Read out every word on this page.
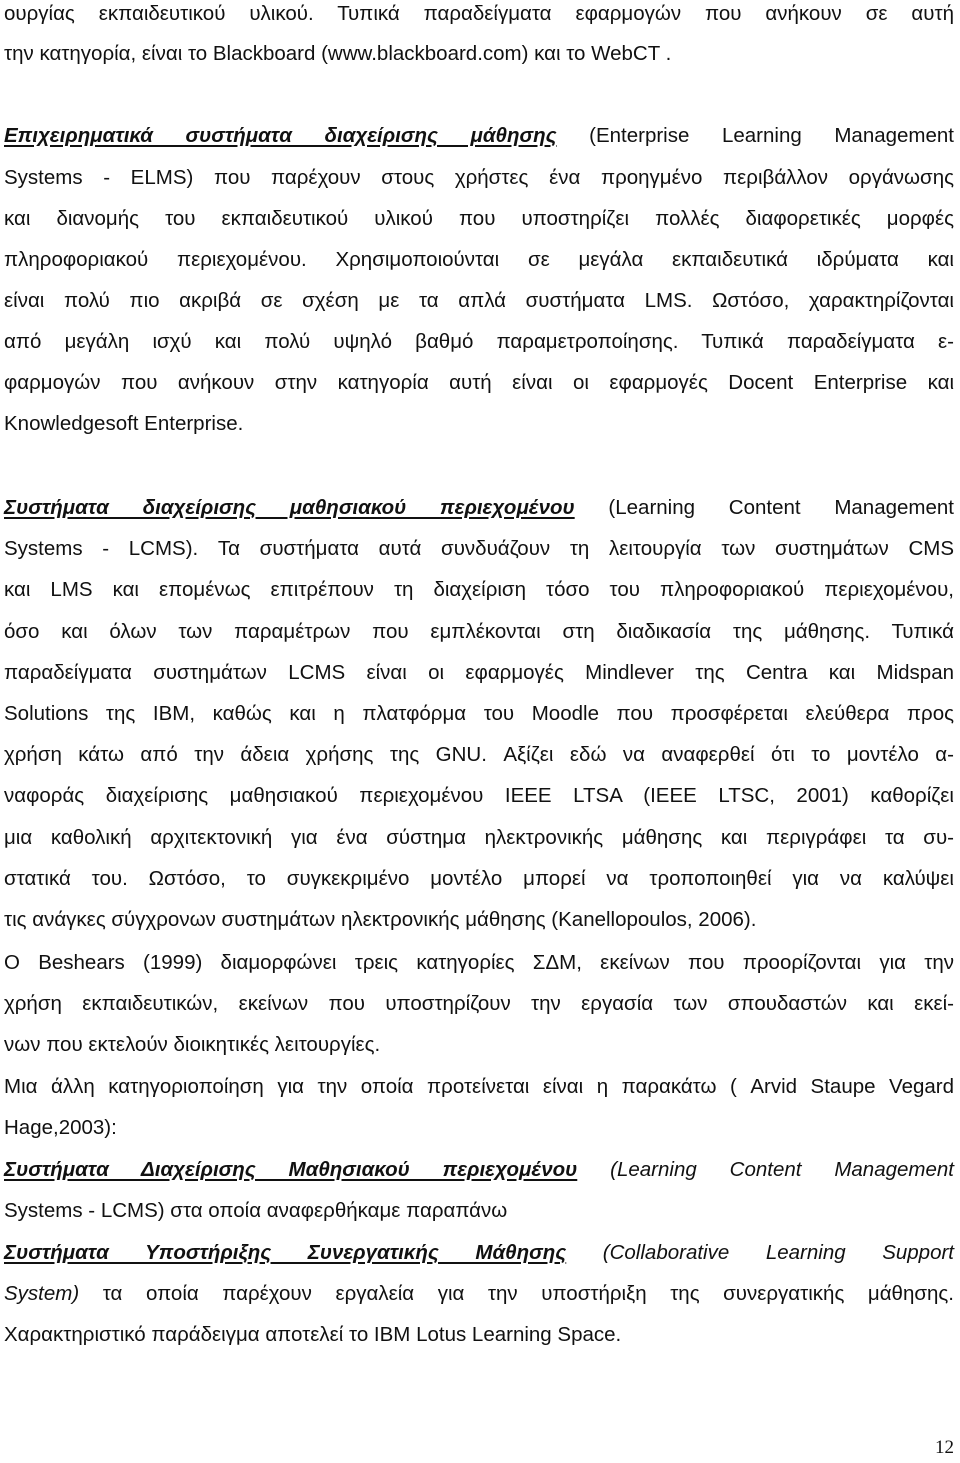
ουργίας εκπαιδευτικού υλικού. Τυπικά παραδείγματα εφαρμογών που ανήκουν σε αυτή
την κατηγορία, είναι το Blackboard (www.blackboard.com) και το WebCT .
Επιχειρηματικά συστήματα διαχείρισης μάθησης (Enterprise Learning Management
Systems - ELMS) που παρέχουν στους χρήστες ένα προηγμένο περιβάλλον οργάνωσης
και διανομής του εκπαιδευτικού υλικού που υποστηρίζει πολλές διαφορετικές μορφές
πληροφοριακού περιεχομένου. Χρησιμοποιούνται σε μεγάλα εκπαιδευτικά ιδρύματα και
είναι πολύ πιο ακριβά σε σχέση με τα απλά συστήματα LMS. Ωστόσο, χαρακτηρίζονται
από μεγάλη ισχύ και πολύ υψηλό βαθμό παραμετροποίησης. Τυπικά παραδείγματα ε-
φαρμογών που ανήκουν στην κατηγορία αυτή είναι οι εφαρμογές Docent Enterprise και
Knowledgesoft Enterprise.
Συστήματα διαχείρισης μαθησιακού περιεχομένου (Learning Content Management
Systems - LCMS). Τα συστήματα αυτά συνδυάζουν τη λειτουργία των συστημάτων CMS
και LMS και επομένως επιτρέπουν τη διαχείριση τόσο του πληροφοριακού περιεχομένου,
όσο και όλων των παραμέτρων που εμπλέκονται στη διαδικασία της μάθησης. Τυπικά
παραδείγματα συστημάτων LCMS είναι οι εφαρμογές Mindlever της Centra και Midspan
Solutions της IBM, καθώς και η πλατφόρμα του Moodle που προσφέρεται ελεύθερα προς
χρήση κάτω από την άδεια χρήσης της GNU. Αξίζει εδώ να αναφερθεί ότι το μοντέλο α-
ναφοράς διαχείρισης μαθησιακού περιεχομένου IEEE LTSA (IEEE LTSC, 2001) καθορίζει
μια καθολική αρχιτεκτονική για ένα σύστημα ηλεκτρονικής μάθησης και περιγράφει τα συ-
στατικά του. Ωστόσο, το συγκεκριμένο μοντέλο μπορεί να τροποποιηθεί για να καλύψει
τις ανάγκες σύγχρονων συστημάτων ηλεκτρονικής μάθησης (Kanellopoulos, 2006).
Ο Beshears (1999) διαμορφώνει τρεις κατηγορίες ΣΔΜ, εκείνων που προορίζονται για την
χρήση εκπαιδευτικών, εκείνων που υποστηρίζουν την εργασία των σπουδαστών και εκεί-
νων που εκτελούν διοικητικές λειτουργίες.
Μια άλλη κατηγοριοποίηση για την οποία προτείνεται είναι η παρακάτω ( Arvid Staupe Vegard
Hage,2003):
Συστήματα Διαχείρισης Μαθησιακού περιεχομένου (Learning Content Management
Systems - LCMS) στα οποία αναφερθήκαμε παραπάνω
Συστήματα Υποστήριξης Συνεργατικής Μάθησης (Collaborative Learning Support
System) τα οποία παρέχουν εργαλεία για την υποστήριξη της συνεργατικής μάθησης.
Χαρακτηριστικό παράδειγμα αποτελεί το IBM Lotus Learning Space.
12
